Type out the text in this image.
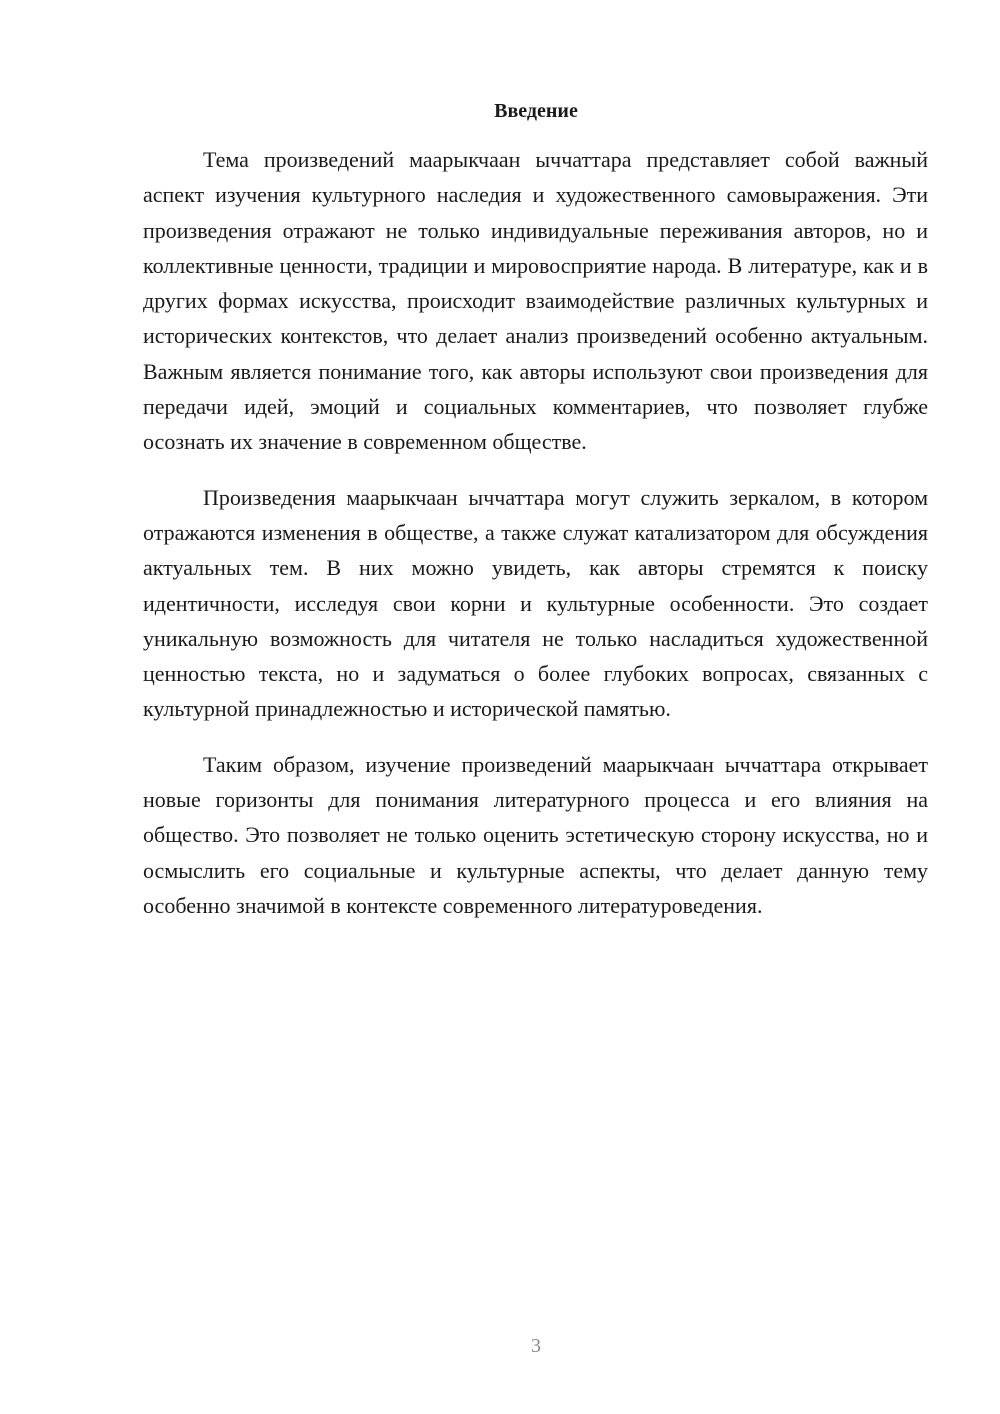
Введение

Тема произведений маарыкчаан ыччаттара представляет собой важный аспект изучения культурного наследия и художественного самовыражения. Эти произведения отражают не только индивидуальные переживания авторов, но и коллективные ценности, традиции и мировосприятие народа. В литературе, как и в других формах искусства, происходит взаимодействие различных культурных и исторических контекстов, что делает анализ произведений особенно актуальным. Важным является понимание того, как авторы используют свои произведения для передачи идей, эмоций и социальных комментариев, что позволяет глубже осознать их значение в современном обществе.

Произведения маарыкчаан ыччаттара могут служить зеркалом, в котором отражаются изменения в обществе, а также служат катализатором для обсуждения актуальных тем. В них можно увидеть, как авторы стремятся к поиску идентичности, исследуя свои корни и культурные особенности. Это создает уникальную возможность для читателя не только насладиться художественной ценностью текста, но и задуматься о более глубоких вопросах, связанных с культурной принадлежностью и исторической памятью.

Таким образом, изучение произведений маарыкчаан ыччаттара открывает новые горизонты для понимания литературного процесса и его влияния на общество. Это позволяет не только оценить эстетическую сторону искусства, но и осмыслить его социальные и культурные аспекты, что делает данную тему особенно значимой в контексте современного литературоведения.

3
